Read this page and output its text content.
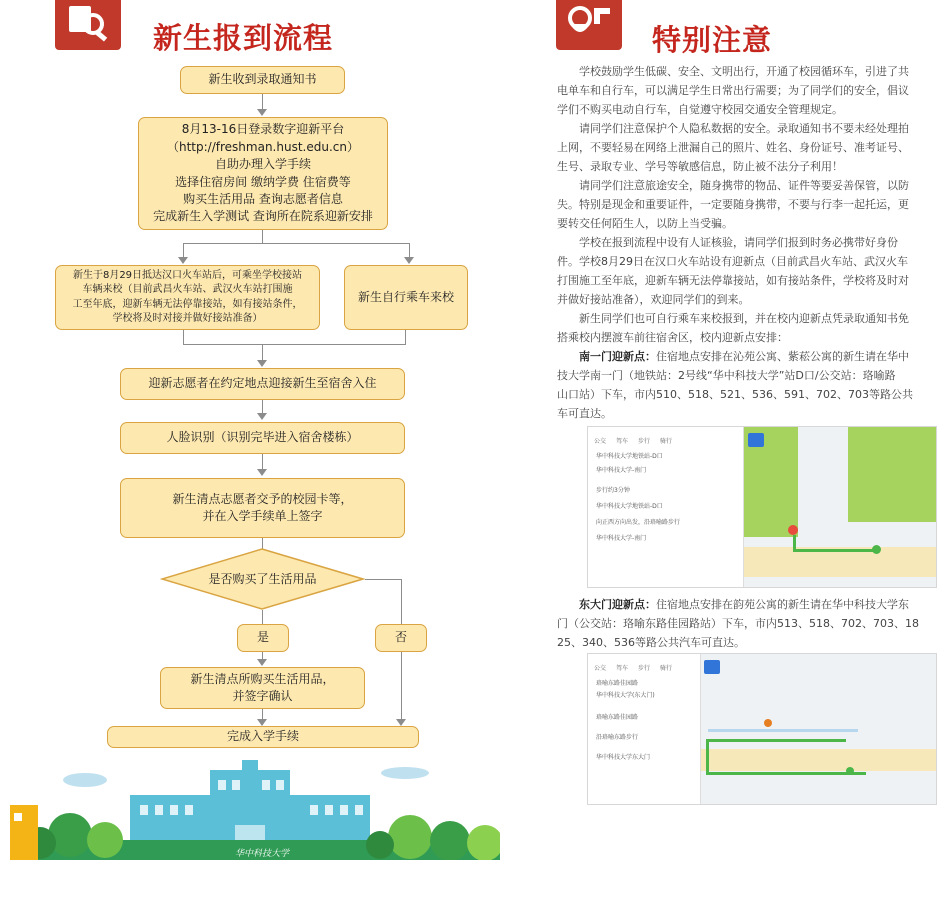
新生报到流程	特别注意
新生收到录取通知书
8月13-16日登录数字迎新平台
（http://freshman.hust.edu.cn）
自助办理入学手续
选择住宿房间 缴纳学费 住宿费等
购买生活用品 查询志愿者信息
完成新生入学测试 查询所在院系迎新安排
新生于8月29日抵达汉口火车站后，可乘坐学校接站
车辆来校（目前武昌火车站、武汉火车站打围施
工至年底，迎新车辆无法停靠接站，如有接站条件，
学校将及时对接并做好接站准备）
新生自行乘车来校
迎新志愿者在约定地点迎接新生至宿舍入住
人脸识别（识别完毕进入宿舍楼栋）
新生清点志愿者交予的校园卡等，
并在入学手续单上签字
是否购买了生活用品
是	否
新生清点所购买生活用品，
并签字确认
完成入学手续
华中科技大学
　　学校鼓励学生低碳、安全、文明出行，开通了校园循环车，引进了共
电单车和自行车，可以满足学生日常出行需要；为了同学们的安全，倡议
学们不购买电动自行车，自觉遵守校园交通安全管理规定。
　　请同学们注意保护个人隐私数据的安全。录取通知书不要未经处理拍
上网，不要轻易在网络上泄漏自己的照片、姓名、身份证号、准考证号、
生号、录取专业、学号等敏感信息，防止被不法分子利用！
　　请同学们注意旅途安全，随身携带的物品、证件等要妥善保管，以防
失。特别是现金和重要证件，一定要随身携带，不要与行李一起托运，更
要转交任何陌生人，以防上当受骗。
　　学校在报到流程中设有人证核验，请同学们报到时务必携带好身份
件。学校8月29日在汉口火车站设有迎新点（目前武昌火车站、武汉火车
打围施工至年底，迎新车辆无法停靠接站，如有接站条件，学校将及时对
并做好接站准备），欢迎同学们的到来。
　　新生同学们也可自行乘车来校报到，并在校内迎新点凭录取通知书免
搭乘校内摆渡车前往宿舍区，校内迎新点安排：
　　南一门迎新点：住宿地点安排在沁苑公寓、紫菘公寓的新生请在华中
技大学南一门（地铁站：2号线“华中科技大学”站D口/公交站：珞喻路
山口站）下车，市内510、518、521、536、591、702、703等路公共
车可直达。
公交 驾车 步行 骑行
华中科技大学地铁站-D口
华中科技大学-南门
步行约3分钟
华中科技大学地铁站-D口
向正西方向出发，沿珞喻路步行
华中科技大学-南门
　　东大门迎新点：住宿地点安排在韵苑公寓的新生请在华中科技大学东
门（公交站：珞喻东路佳园路站）下车，市内513、518、702、703、18
25、340、536等路公共汽车可直达。
公交 驾车 步行 骑行
珞喻东路佳园路
华中科技大学(东大门)
珞喻东路佳园路
沿珞喻东路步行
华中科技大学东大门
